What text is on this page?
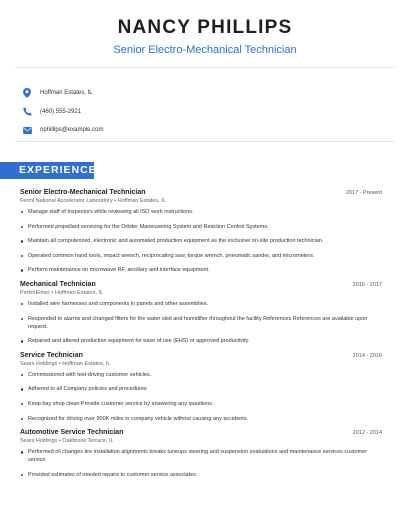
NANCY PHILLIPS
Senior Electro-Mechanical Technician
Hoffman Estates, IL
(460) 555-2921
nphillips@example.com
EXPERIENCE
Senior Electro-Mechanical Technician	2017 - Present
Fermi National Accelerator Laboratory • Hoffman Estates, IL
Manage staff of Inspectors while reviewing all ISO work instructions.
Performed propellant servicing for the Orbiter Maneuvering System and Reaction Control Systems.
Maintain all computerized, electronic and automated production equipment as the exclusive on-site production technician.
Operated common hand tools, impact wrench, reciprocating saw, torque wrench, pneumatic sander, and micrometers.
Perform maintenance on microwave RF, ancillary and interface equipment.
Mechanical Technician	2016 - 2017
PerkinElmer • Hoffman Estates, IL
Installed wire harnesses and components in panels and other assemblies.
Responded to alarms and changed filters for the water skid and humidifier throughout the facility References References are available upon request.
Repaired and altered production equipment for ease of use (EHS) or approved productivity.
Service Technician	2014 - 2016
Sears Holdings • Hoffman Estates, IL
Commissioned with test-driving customer vehicles.
Adhered to all Company policies and procedures
Keep bay shop clean Provide customer service by answering any questions
Recognized for driving over 900K miles in company vehicle without causing any accidents.
Automotive Service Technician	2012 - 2014
Sears Holdings • Oakbrook Terrace, IL
Performed oil changes tire installation alignments breaks tuneups steering and suspension evaluations and maintenance services customer service
Provided estimates of needed repairs to customer service associates.
